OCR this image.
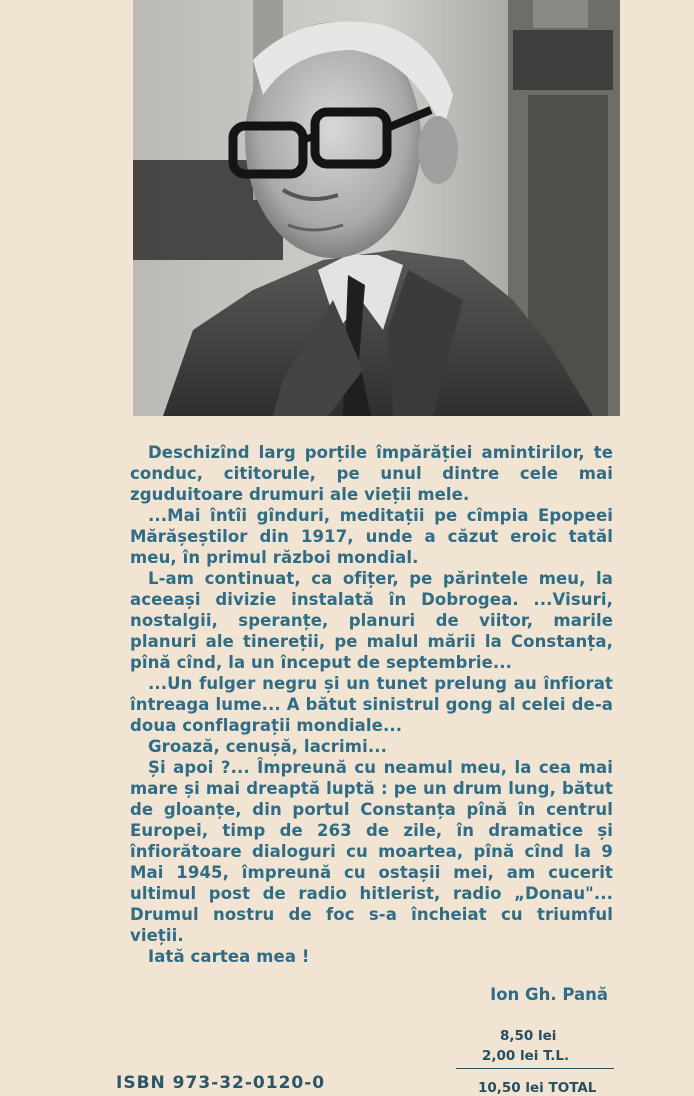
Deschizînd larg porțile împărăției amintirilor, te conduc, cititorule, pe unul dintre cele mai zguduitoare drumuri ale vieții mele.

...Mai întîi gînduri, meditații pe cîmpia Epopeei Mărășeștilor din 1917, unde a căzut eroic tatăl meu, în primul război mondial.

L-am continuat, ca ofițer, pe părintele meu, la aceeași divizie instalată în Dobrogea. ...Visuri, nostalgii, speranțe, planuri de viitor, marile planuri ale tinereții, pe malul mării la Constanța, pînă cînd, la un început de septembrie...

...Un fulger negru și un tunet prelung au înfiorat întreaga lume... A bătut sinistrul gong al celei de-a doua conflagrații mondiale...

Groază, cenușă, lacrimi...

Și apoi ?... Împreună cu neamul meu, la cea mai mare și mai dreaptă luptă : pe un drum lung, bătut de gloanțe, din portul Constanța pînă în centrul Europei, timp de 263 de zile, în dramatice și înfiorătoare dialoguri cu moartea, pînă cînd la 9 Mai 1945, împreună cu ostașii mei, am cucerit ultimul post de radio hitlerist, radio „Donau"... Drumul nostru de foc s-a încheiat cu triumful vieții.

Iată cartea mea !

Ion Gh. Pană
8,50 lei
2,00 lei T.L.
10,50 lei TOTAL
ISBN 973-32-0120-0
